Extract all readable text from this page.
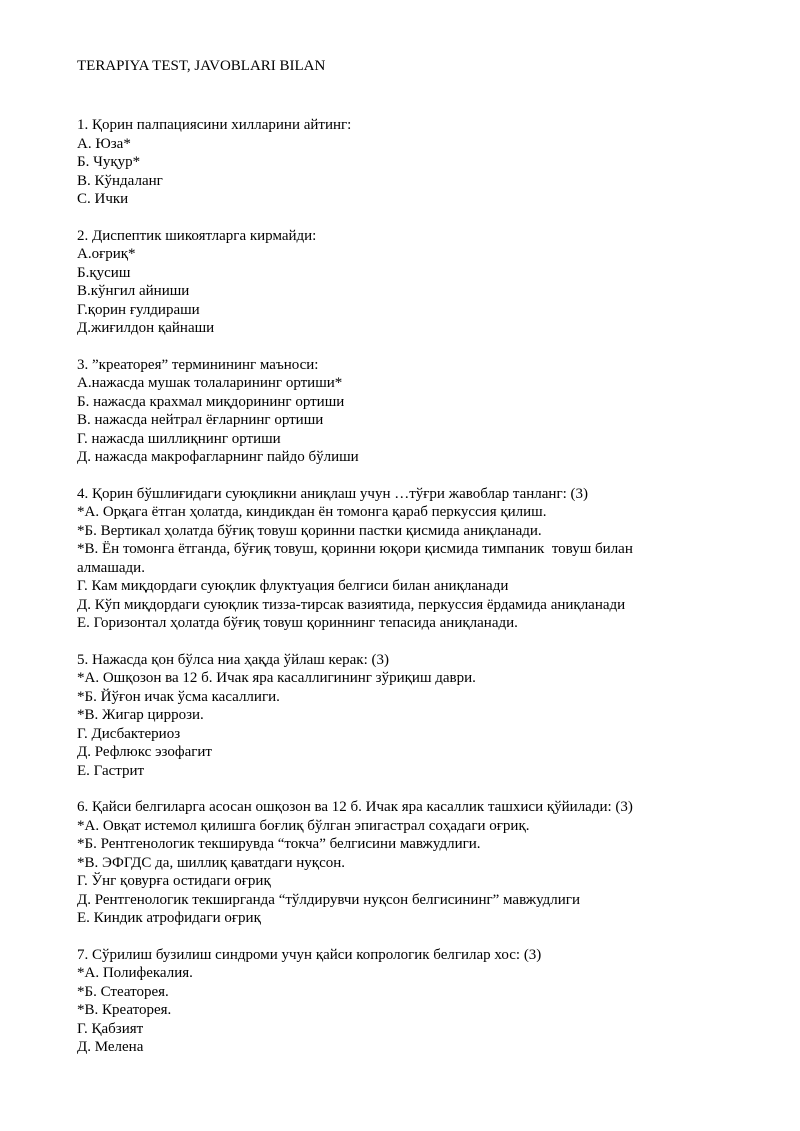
TERAPIYA TEST, JAVOBLARI BILAN
1. Қорин палпациясини хилларини айтинг:
А. Юза*
Б. Чуқур*
В. Кўндаланг
С. Ички
2. Диспептик шикоятларга кирмайди:
А.оғриқ*
Б.қусиш
В.кўнгил айниши
Г.қорин ғулдираши
Д.жиғилдон қайнаши
3. ”креаторея” терминининг маъноси:
А.нажасда мушак толаларининг ортиши*
Б. нажасда крахмал миқдорининг ортиши
В. нажасда нейтрал ёғларнинг ортиши
Г. нажасда шиллиқнинг ортиши
Д. нажасда макрофагларнинг пайдо бўлиши
4. Қорин бўшлиғидаги суюқликни аниқлаш учун …тўғри жавоблар танланг: (3)
*А. Орқага ётган ҳолатда, киндикдан ён томонга қараб перкуссия қилиш.
*Б. Вертикал ҳолатда бўғиқ товуш қоринни пастки қисмида аниқланади.
*В. Ён томонга ётганда, бўғиқ товуш, қоринни юқори қисмида тимпаник  товуш билан
алмашади.
Г. Кам миқдордаги суюқлик флуктуация белгиси билан аниқланади
Д. Кўп миқдордаги суюқлик тизза-тирсак вазиятида, перкуссия ёрдамида аниқланади
Е. Горизонтал ҳолатда бўғиқ товуш қориннинг тепасида аниқланади.
5. Нажасда қон бўлса ниа ҳақда ўйлаш керак: (3)
*А. Ошқозон ва 12 б. Ичак яра касаллигининг зўриқиш даври.
*Б. Йўғон ичак ўсма касаллиги.
*В. Жигар циррози.
Г. Дисбактериоз
Д. Рефлюкс эзофагит
Е. Гастрит
6. Қайси белгиларга асосан ошқозон ва 12 б. Ичак яра касаллик ташхиси қўйилади: (3)
*А. Овқат истемол қилишга боғлиқ бўлган эпигастрал соҳадаги оғриқ.
*Б. Рентгенологик текширувда “токча” белгисини мавжудлиги.
*В. ЭФГДС да, шиллиқ қаватдаги нуқсон.
Г. Ўнг қовурға остидаги оғриқ
Д. Рентгенологик текширганда “тўлдирувчи нуқсон белгисининг” мавжудлиги
Е. Киндик атрофидаги оғриқ
7. Сўрилиш бузилиш синдроми учун қайси копрологик белгилар хос: (3)
*А. Полифекалия.
*Б. Стеаторея.
*В. Креаторея.
Г. Қабзият
Д. Мелена
